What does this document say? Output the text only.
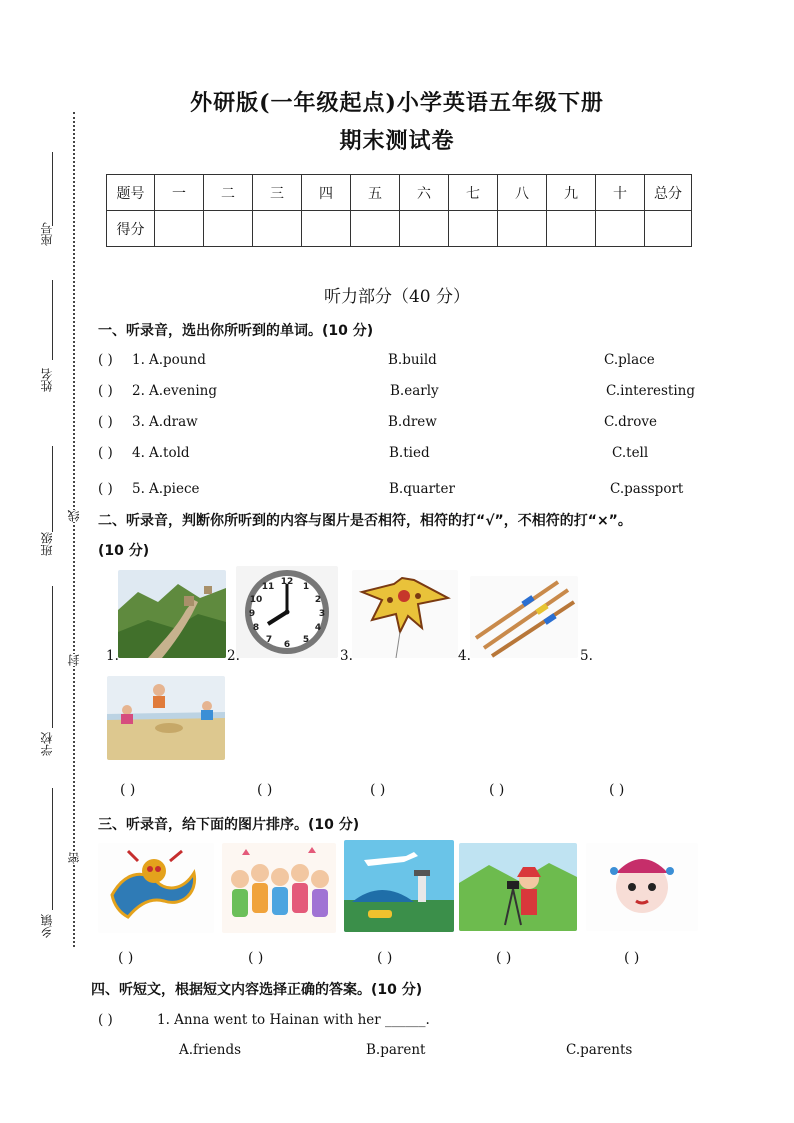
外研版(一年级起点)小学英语五年级下册
期末测试卷
座号
姓名
班级
学校
乡镇
线
封
密
题号	一	二	三	四	五	六	七	八	九	十	总分
得分											
听力部分（40 分）
一、听录音，选出你所听到的单词。(10 分)
( ) 1. A.pound	B.build	C.place
( ) 2. A.evening	B.early	C.interesting
( ) 3. A.draw	B.drew	C.drove
( ) 4. A.told	B.tied	C.tell
( ) 5. A.piece	B.quarter	C.passport
二、听录音，判断你所听到的内容与图片是否相符，相符的打“√”，不相符的打“×”。
(10 分)
1.
12 1
2
3
4
5
6
7
8
9
10
11
2.	3.	4.	5.
( )	( )	( )	( )	( )
三、听录音，给下面的图片排序。(10 分)
( )	( )	( )	( )	( )
四、听短文，根据短文内容选择正确的答案。(10 分)
( )	1. Anna went to Hainan with her ______.
A.friends	B.parent	C.parents
